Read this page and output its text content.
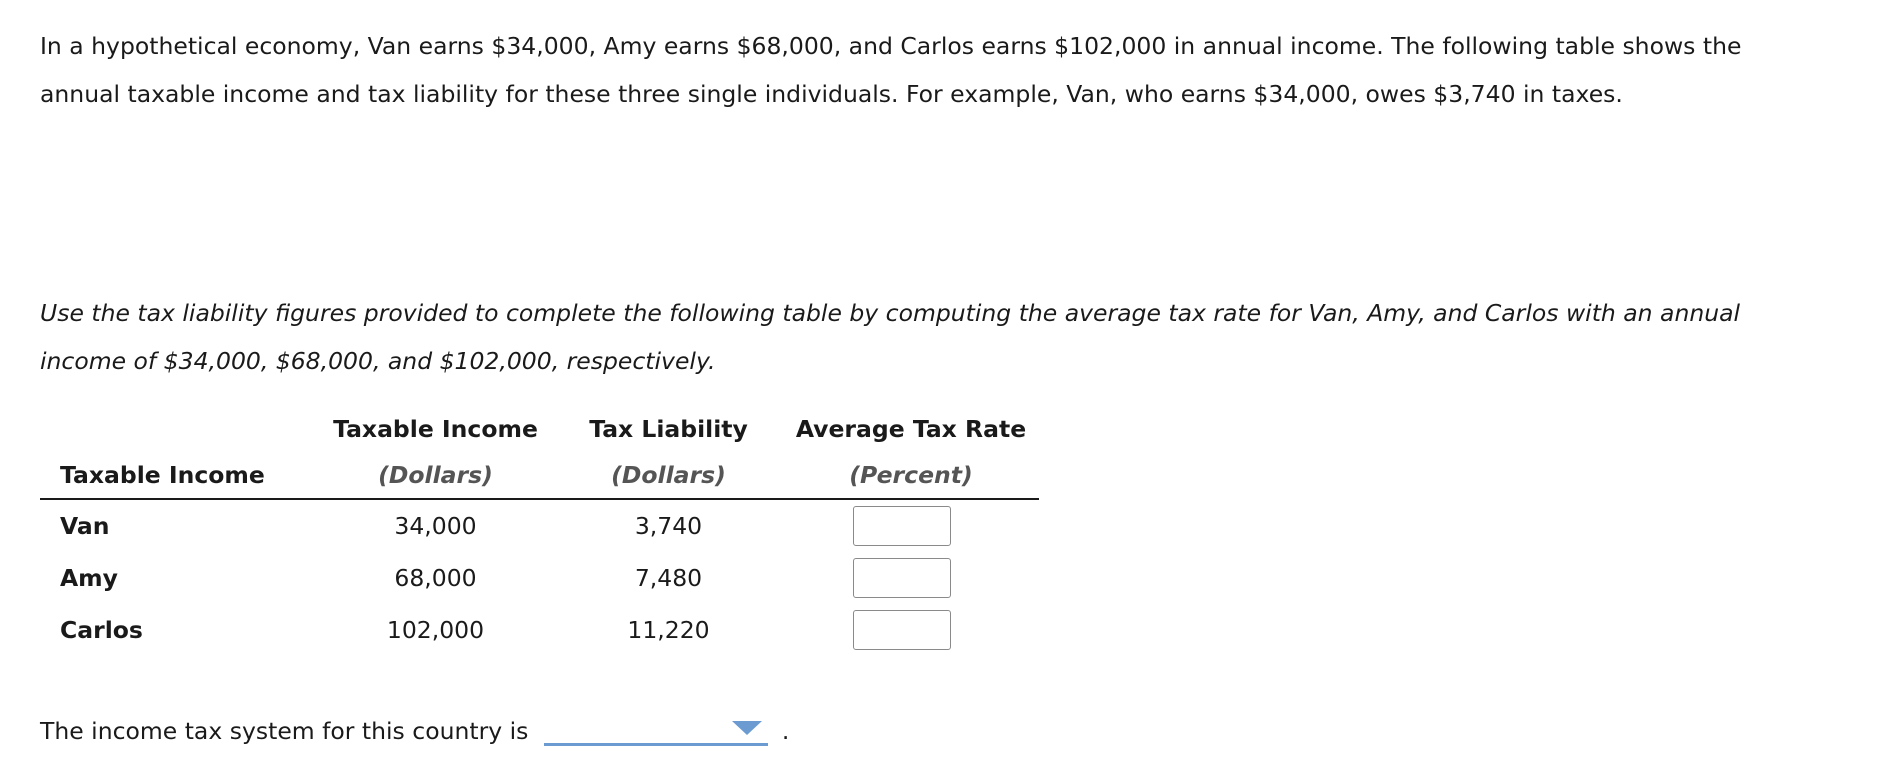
In a hypothetical economy, Van earns $34,000, Amy earns $68,000, and Carlos earns $102,000 in annual income. The following table shows the
annual taxable income and tax liability for these three single individuals. For example, Van, who earns $34,000, owes $3,740 in taxes.

Use the tax liability figures provided to complete the following table by computing the average tax rate for Van, Amy, and Carlos with an annual
income of $34,000, $68,000, and $102,000, respectively.

	Taxable Income	Tax Liability	Average Tax Rate
Taxable Income	(Dollars)	(Dollars)	(Percent)
Van	34,000	3,740	
Amy	68,000	7,480	
Carlos	102,000	11,220	
The income tax system for this country is	.
